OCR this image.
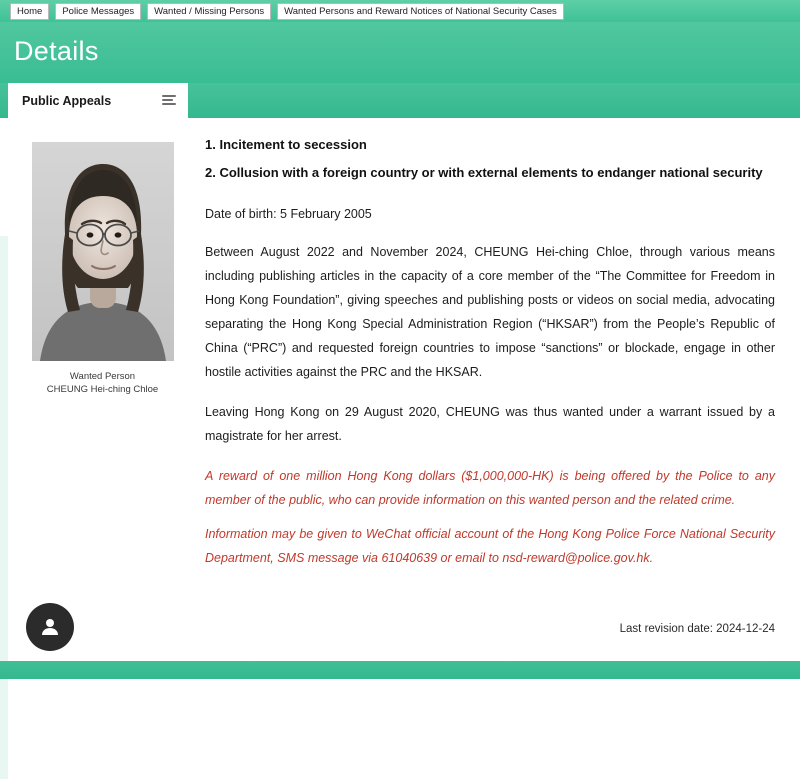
Home	Police Messages	Wanted / Missing Persons	Wanted Persons and Reward Notices of National Security Cases
Details
Public Appeals
Wanted Person
CHEUNG Hei-ching Chloe
1. Incitement to secession
2. Collusion with a foreign country or with external elements to endanger national security
Date of birth: 5 February 2005
Between August 2022 and November 2024, CHEUNG Hei-ching Chloe, through various means including publishing articles in the capacity of a core member of the “The Committee for Freedom in Hong Kong Foundation”, giving speeches and publishing posts or videos on social media, advocating separating the Hong Kong Special Administration Region (“HKSAR”) from the People’s Republic of China (“PRC”) and requested foreign countries to impose “sanctions” or blockade, engage in other hostile activities against the PRC and the HKSAR.
Leaving Hong Kong on 29 August 2020, CHEUNG was thus wanted under a warrant issued by a magistrate for her arrest.
A reward of one million Hong Kong dollars ($1,000,000-HK) is being offered by the Police to any member of the public, who can provide information on this wanted person and the related crime.
Information may be given to WeChat official account of the Hong Kong Police Force National Security Department, SMS message via 61040639 or email to nsd-reward@police.gov.hk.
Last revision date: 2024-12-24
